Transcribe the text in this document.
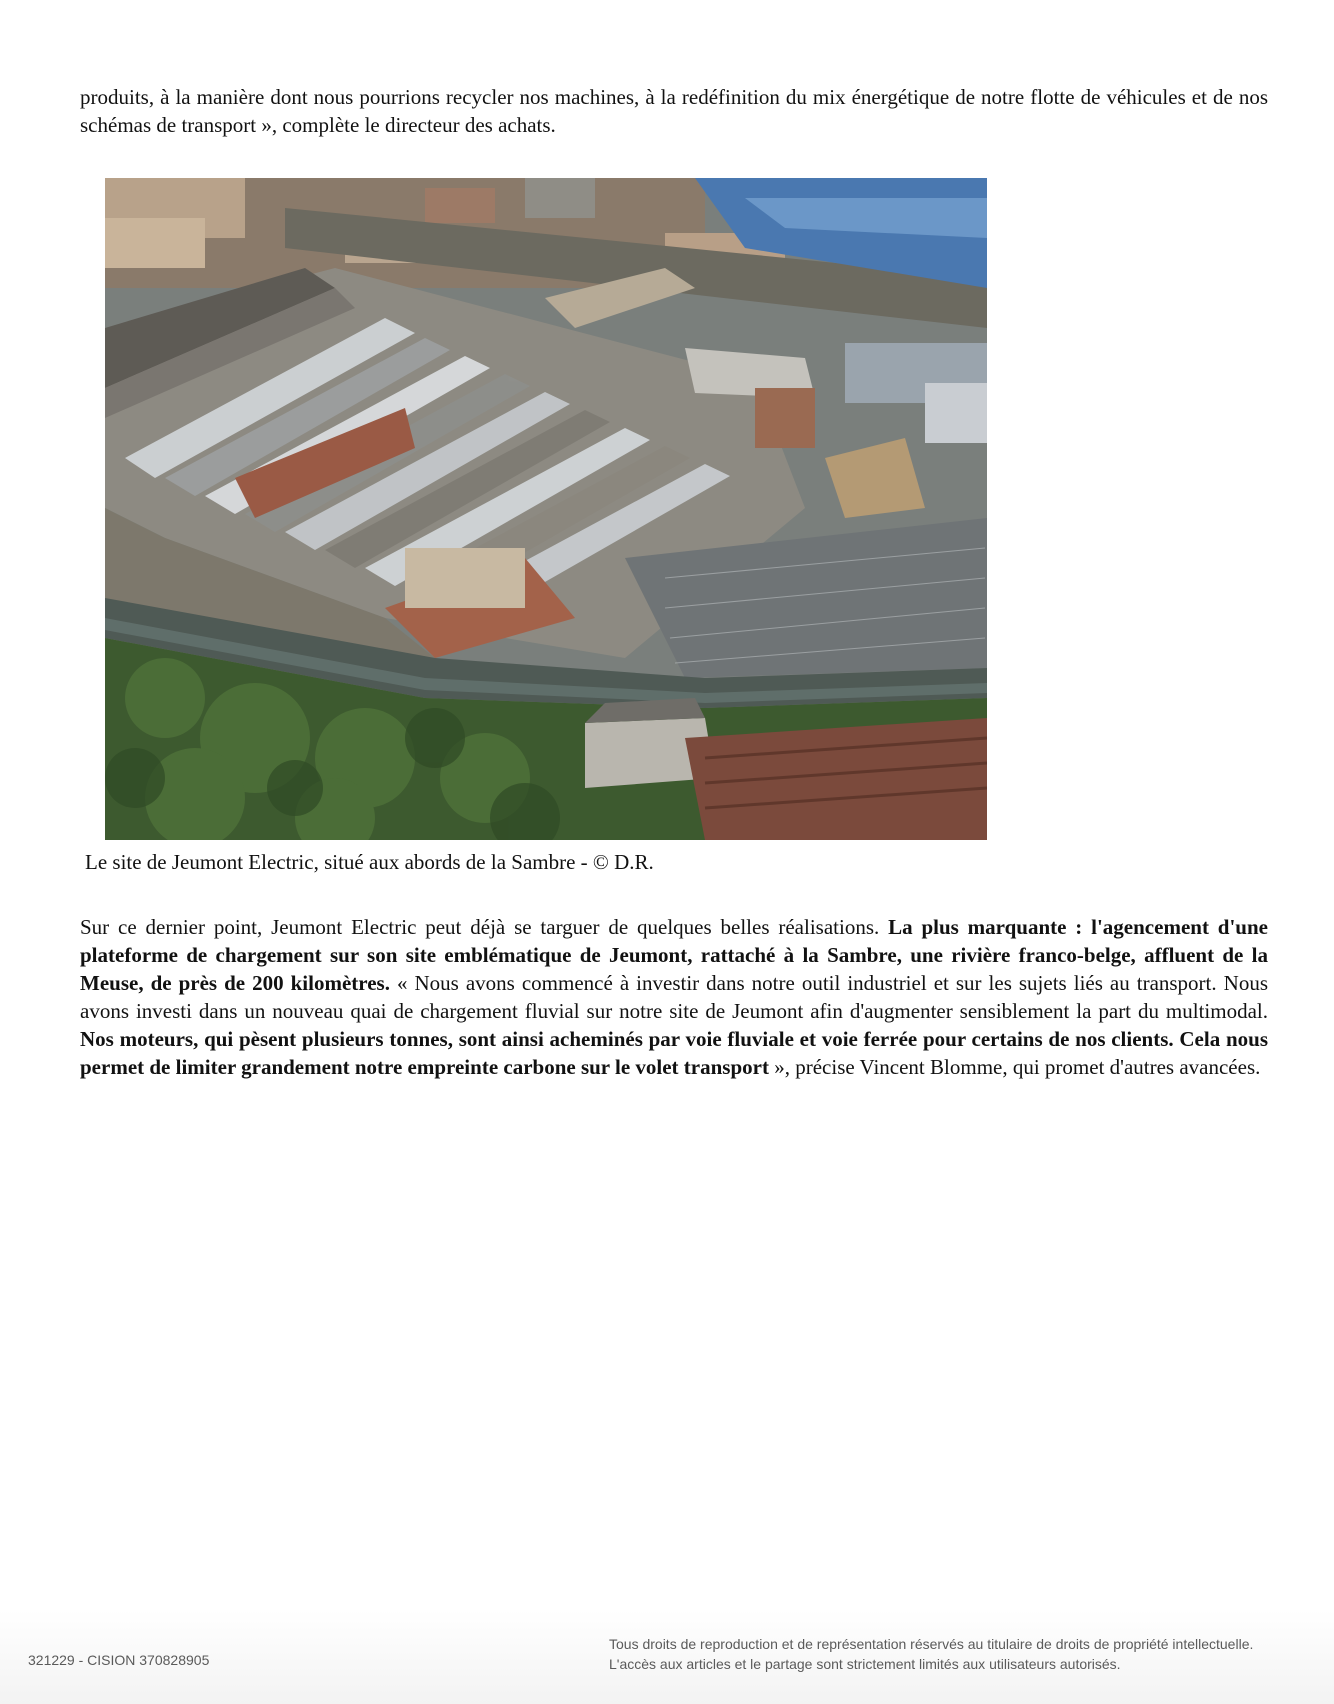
produits, à la manière dont nous pourrions recycler nos machines, à la redéfinition du mix énergétique de notre flotte de véhicules et de nos schémas de transport », complète le directeur des achats.

Le site de Jeumont Electric, situé aux abords de la Sambre - © D.R.

Sur ce dernier point, Jeumont Electric peut déjà se targuer de quelques belles réalisations. La plus marquante : l'agencement d'une plateforme de chargement sur son site emblématique de Jeumont, rattaché à la Sambre, une rivière franco-belge, affluent de la Meuse, de près de 200 kilomètres. « Nous avons commencé à investir dans notre outil industriel et sur les sujets liés au transport. Nous avons investi dans un nouveau quai de chargement fluvial sur notre site de Jeumont afin d'augmenter sensiblement la part du multimodal. Nos moteurs, qui pèsent plusieurs tonnes, sont ainsi acheminés par voie fluviale et voie ferrée pour certains de nos clients. Cela nous permet de limiter grandement notre empreinte carbone sur le volet transport », précise Vincent Blomme, qui promet d'autres avancées.

321229 - CISION 370828905
Tous droits de reproduction et de représentation réservés au titulaire de droits de propriété intellectuelle.
L'accès aux articles et le partage sont strictement limités aux utilisateurs autorisés.
